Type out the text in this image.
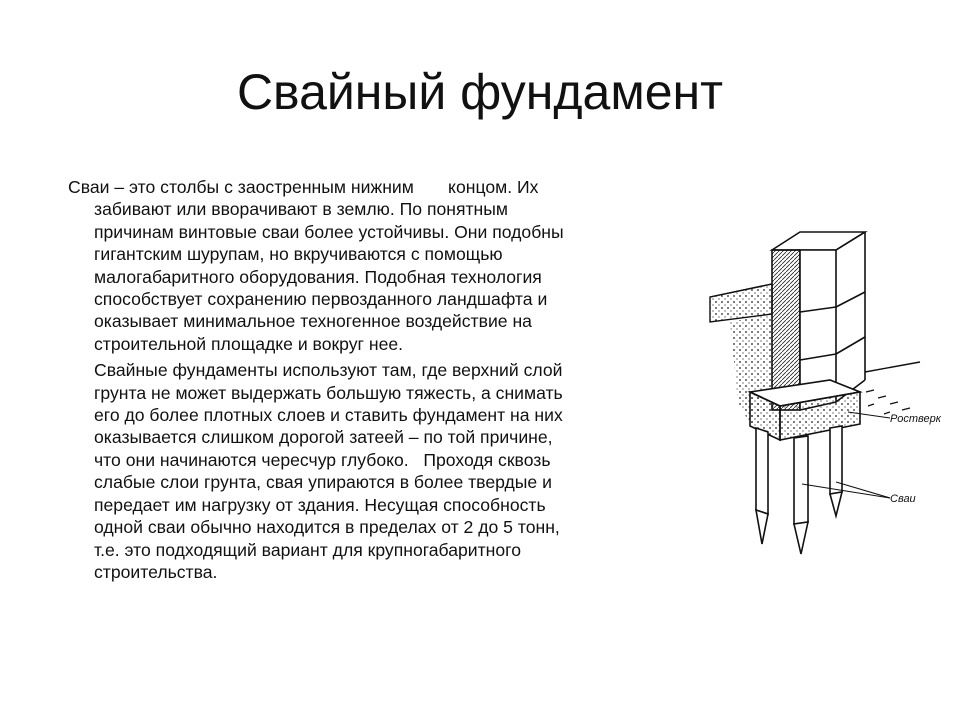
Свайный фундамент

Сваи – это столбы с заостренным нижним       концом. Их
забивают или вворачивают в землю. По понятным
причинам винтовые сваи более устойчивы. Они подобны
гигантским шурупам, но вкручиваются с помощью
малогабаритного оборудования. Подобная технология
способствует сохранению первозданного ландшафта и
оказывает минимальное техногенное воздействие на
строительной площадке и вокруг нее.

Свайные фундаменты используют там, где верхний слой
грунта не может выдержать большую тяжесть, а снимать
его до более плотных слоев и ставить фундамент на них
оказывается слишком дорогой затеей – по той причине,
что они начинаются чересчур глубоко.   Проходя сквозь
слабые слои грунта, свая упираются в более твердые и
передает им нагрузку от здания. Несущая способность
одной сваи обычно находится в пределах от 2 до 5 тонн,
т.е. это подходящий вариант для крупногабаритного
строительства.

Ростверк
Сваи
